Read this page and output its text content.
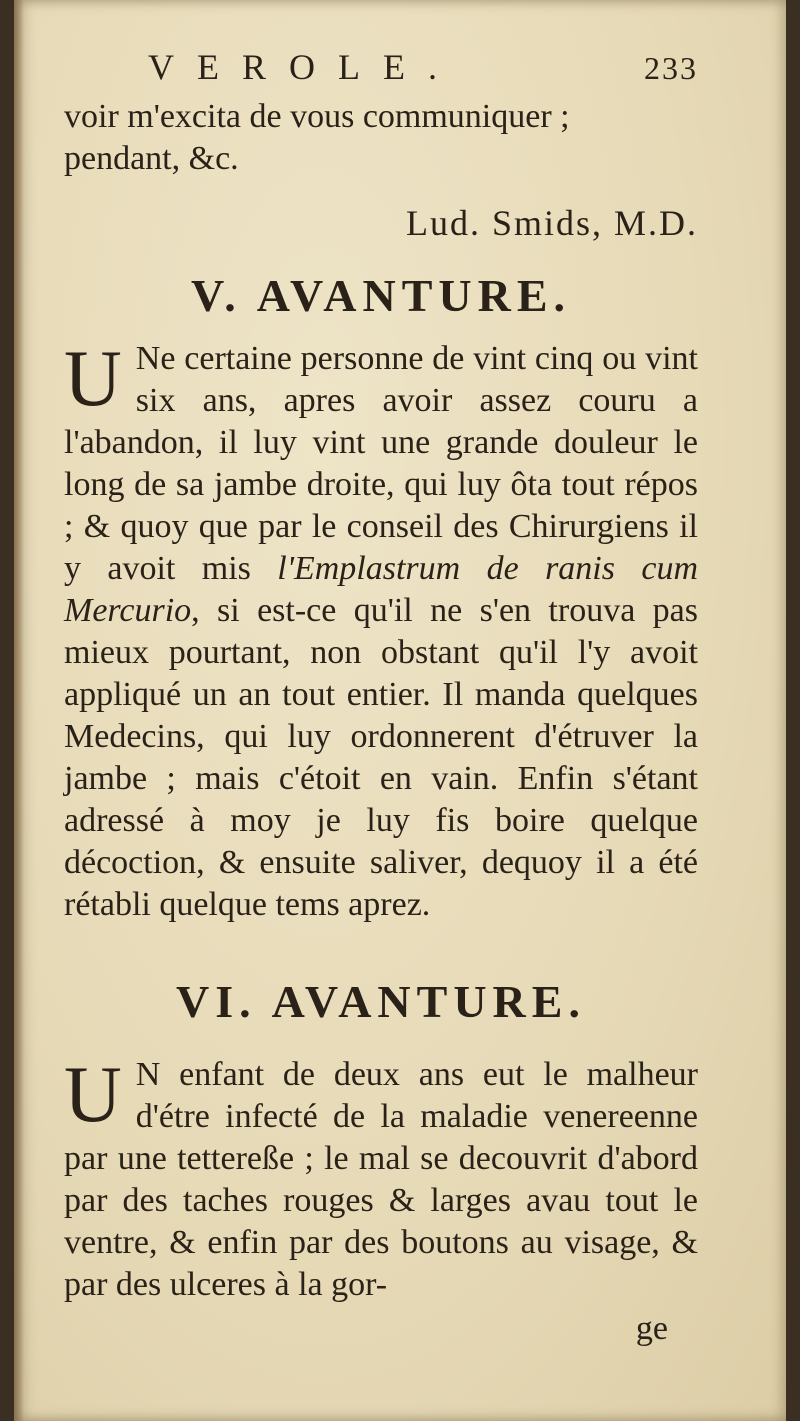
VEROLE.	233
voir m'excita de vous communiquer ;
pendant, &c.
Lud. Smids, M.D.
V. AVANTURE.

U Ne certaine personne de vint cinq ou vint six ans, apres avoir assez couru a l'abandon, il luy vint une grande douleur le long de sa jambe droite, qui luy ôta tout répos ; & quoy que par le conseil des Chirurgiens il y avoit mis l'Emplastrum de ranis cum Mercurio, si est-ce qu'il ne s'en trouva pas mieux pourtant, non obstant qu'il l'y avoit appliqué un an tout entier. Il manda quelques Medecins, qui luy ordonnerent d'étruver la jambe ; mais c'étoit en vain. Enfin s'étant adressé à moy je luy fis boire quelque décoction, & ensuite saliver, dequoy il a été rétabli quelque tems aprez.

VI. AVANTURE.

U N enfant de deux ans eut le malheur d'étre infecté de la maladie venereenne par une tettereße ; le mal se decouvrit d'abord par des taches rouges & larges avau tout le ventre, & enfin par des boutons au visage, & par des ulceres à la gor-

ge
